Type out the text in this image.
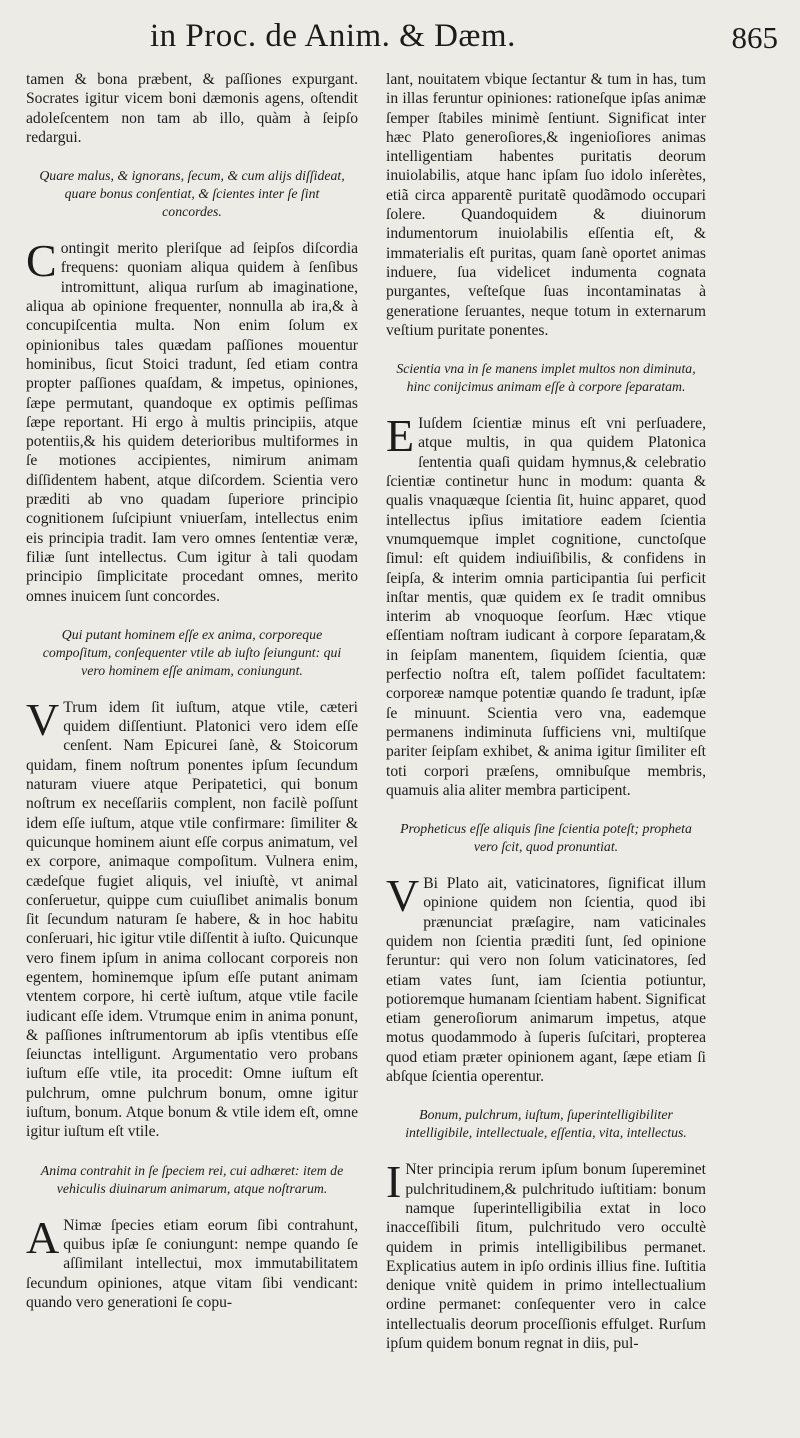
in Proc. de Anim. & Dæm.	865

tamen & bona præbent, & paſſiones expurgant. Socrates igitur vicem boni dæmonis agens, oſtendit adoleſcentem non tam ab illo, quàm à ſeipſo redargui.

Quare malus, & ignorans, ſecum, & cum alijs diſſideat, quare bonus conſentiat, & ſcientes inter ſe ſint concordes.

Contingit merito pleriſque ad ſeipſos diſcordia frequens: quoniam aliqua quidem à ſenſibus intromittunt, aliqua rurſum ab imaginatione, aliqua ab opinione frequenter, nonnulla ab ira,& à concupiſcentia multa. Non enim ſolum ex opinionibus tales quædam paſſiones mouentur hominibus, ſicut Stoici tradunt, ſed etiam contra propter paſſiones quaſdam, & impetus, opiniones, ſæpe permutant, quandoque ex optimis peſſimas ſæpe reportant. Hi ergo à multis principiis, atque potentiis,& his quidem deterioribus multiformes in ſe motiones accipientes, nimirum animam diſſidentem habent, atque diſcordem. Scientia vero præditi ab vno quadam ſuperiore principio cognitionem ſuſcipiunt vniuerſam, intellectus enim eis principia tradit. Iam vero omnes ſententiæ veræ, filiæ ſunt intellectus. Cum igitur à tali quodam principio ſimplicitate procedant omnes, merito omnes inuicem ſunt concordes.

Qui putant hominem eſſe ex anima, corporeque compoſitum, conſequenter vtile ab iuſto ſeiungunt: qui vero hominem eſſe animam, coniungunt.

V Trum idem ſit iuſtum, atque vtile, cæteri quidem diſſentiunt. Platonici vero idem eſſe cenſent. Nam Epicurei ſanè, & Stoicorum quidam, finem noſtrum ponentes ipſum ſecundum naturam viuere atque Peripatetici, qui bonum noſtrum ex neceſſariis complent, non facilè poſſunt idem eſſe iuſtum, atque vtile confirmare: ſimiliter & quicunque hominem aiunt eſſe corpus animatum, vel ex corpore, animaque compoſitum. Vulnera enim, cædeſque fugiet aliquis, vel iniuſtè, vt animal conſeruetur, quippe cum cuiuſlibet animalis bonum ſit ſecundum naturam ſe habere, & in hoc habitu conſeruari, hic igitur vtile diſſentit à iuſto. Quicunque vero finem ipſum in anima collocant corporeis non egentem, hominemque ipſum eſſe putant animam vtentem corpore, hi certè iuſtum, atque vtile facile iudicant eſſe idem. Vtrumque enim in anima ponunt, & paſſiones inſtrumentorum ab ipſis vtentibus eſſe ſeiunctas intelligunt. Argumentatio vero probans iuſtum eſſe vtile, ita procedit: Omne iuſtum eſt pulchrum, omne pulchrum bonum, omne igitur iuſtum, bonum. Atque bonum & vtile idem eſt, omne igitur iuſtum eſt vtile.

Anima contrahit in ſe ſpeciem rei, cui adhæret: item de vehiculis diuinarum animarum, atque noſtrarum.

A Nimæ ſpecies etiam eorum ſibi contrahunt, quibus ipſæ ſe coniungunt: nempe quando ſe aſſimilant intellectui, mox immutabilitatem ſecundum opiniones, atque vitam ſibi vendicant: quando vero generationi ſe copu-

lant, nouitatem vbique ſectantur & tum in has, tum in illas feruntur opiniones: rationeſque ipſas animæ ſemper ſtabiles minimè ſentiunt. Significat inter hæc Plato generoſiores,& ingenioſiores animas intelligentiam habentes puritatis deorum inuiolabilis, atque hanc ipſam ſuo idolo inſerètes, etiã circa apparentẽ puritatẽ quodãmodo occupari ſolere. Quandoquidem & diuinorum indumentorum inuiolabilis eſſentia eſt, & immaterialis eſt puritas, quam ſanè oportet animas induere, ſua videlicet indumenta cognata purgantes, veſteſque ſuas incontaminatas à generatione ſeruantes, neque totum in externarum veſtium puritate ponentes.

Scientia vna in ſe manens implet multos non diminuta, hinc conijcimus animam eſſe à corpore ſeparatam.

E Iuſdem ſcientiæ minus eſt vni perſuadere, atque multis, in qua quidem Platonica ſententia quaſi quidam hymnus,& celebratio ſcientiæ continetur hunc in modum: quanta & qualis vnaquæque ſcientia ſit, huinc apparet, quod intellectus ipſius imitatiore eadem ſcientia vnumquemque implet cognitione, cunctoſque ſimul: eſt quidem indiuiſibilis, & confidens in ſeipſa, & interim omnia participantia ſui perficit inſtar mentis, quæ quidem ex ſe tradit omnibus interim ab vnoquoque ſeorſum. Hæc vtique eſſentiam noſtram iudicant à corpore ſeparatam,& in ſeipſam manentem, ſiquidem ſcientia, quæ perfectio noſtra eſt, talem poſſidet facultatem: corporeæ namque potentiæ quando ſe tradunt, ipſæ ſe minuunt. Scientia vero vna, eademque permanens indiminuta ſufficiens vni, multiſque pariter ſeipſam exhibet, & anima igitur ſimiliter eſt toti corpori præſens, omnibuſque membris, quamuis alia aliter membra participent.

Propheticus eſſe aliquis ſine ſcientia poteſt; propheta vero ſcit, quod pronuntiat.

V Bi Plato ait, vaticinatores, ſignificat illum opinione quidem non ſcientia, quod ibi prænunciat præſagire, nam vaticinales quidem non ſcientia præditi ſunt, ſed opinione feruntur: qui vero non ſolum vaticinatores, ſed etiam vates ſunt, iam ſcientia potiuntur, potioremque humanam ſcientiam habent. Significat etiam generoſiorum animarum impetus, atque motus quodammodo à ſuperis ſuſcitari, propterea quod etiam præter opinionem agant, ſæpe etiam ſi abſque ſcientia operentur.

Bonum, pulchrum, iuſtum, ſuperintelligibiliter intelligibile, intellectuale, eſſentia, vita, intellectus.

I Nter principia rerum ipſum bonum ſupereminet pulchritudinem,& pulchritudo iuſtitiam: bonum namque ſuperintelligibilia extat in loco inacceſſibili ſitum, pulchritudo vero occultè quidem in primis intelligibilibus permanet. Explicatius autem in ipſo ordinis illius fine. Iuſtitia denique vnitè quidem in primo intellectualium ordine permanet: conſequenter vero in calce intellectualis deorum proceſſionis effulget. Rurſum ipſum quidem bonum regnat in diis, pul-
